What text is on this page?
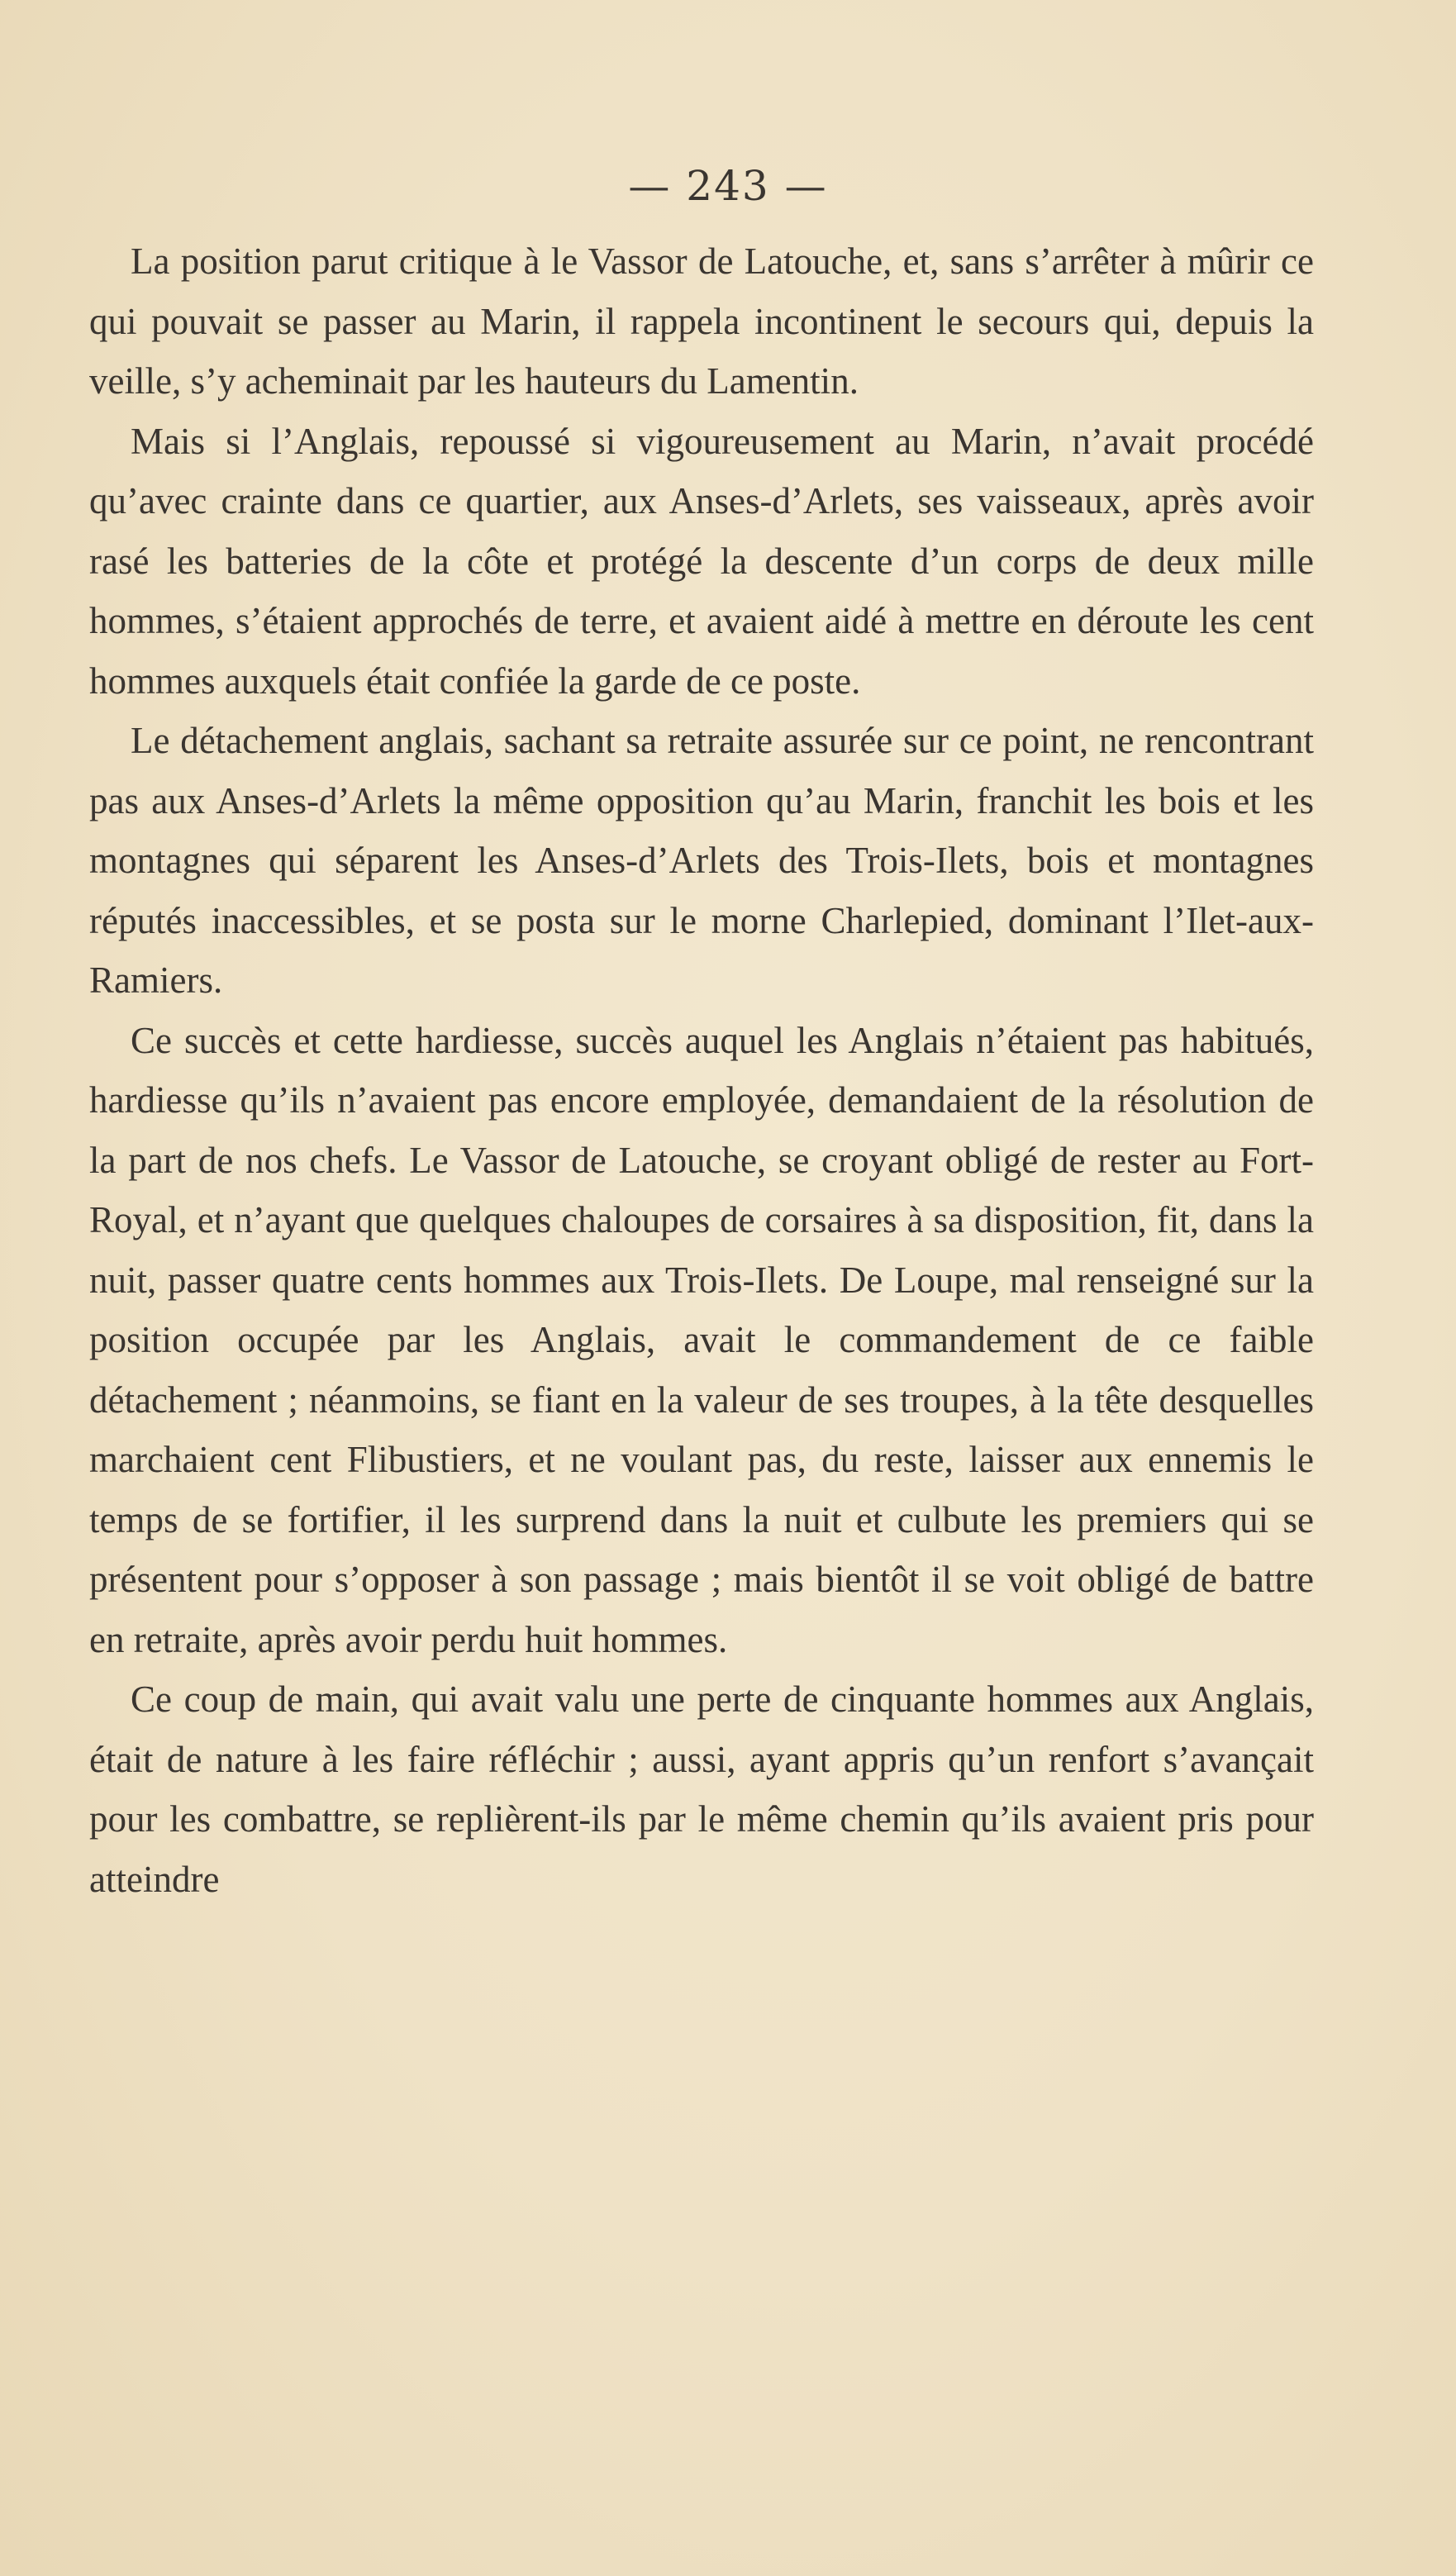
— 243 —

La position parut critique à le Vassor de Latouche, et, sans s’arrêter à mûrir ce qui pouvait se passer au Marin, il rappela incontinent le secours qui, depuis la veille, s’y acheminait par les hauteurs du Lamentin.

Mais si l’Anglais, repoussé si vigoureusement au Marin, n’avait procédé qu’avec crainte dans ce quartier, aux Anses-d’Arlets, ses vaisseaux, après avoir rasé les batteries de la côte et protégé la descente d’un corps de deux mille hommes, s’étaient approchés de terre, et avaient aidé à mettre en déroute les cent hommes auxquels était confiée la garde de ce poste.

Le détachement anglais, sachant sa retraite assurée sur ce point, ne rencontrant pas aux Anses-d’Arlets la même opposition qu’au Marin, franchit les bois et les montagnes qui séparent les Anses-d’Arlets des Trois-Ilets, bois et montagnes réputés inaccessibles, et se posta sur le morne Charlepied, dominant l’Ilet-aux-Ramiers.

Ce succès et cette hardiesse, succès auquel les Anglais n’étaient pas habitués, hardiesse qu’ils n’avaient pas encore employée, demandaient de la résolution de la part de nos chefs. Le Vassor de Latouche, se croyant obligé de rester au Fort-Royal, et n’ayant que quelques chaloupes de corsaires à sa disposition, fit, dans la nuit, passer quatre cents hommes aux Trois-Ilets. De Loupe, mal renseigné sur la position occupée par les Anglais, avait le commandement de ce faible détachement ; néanmoins, se fiant en la valeur de ses troupes, à la tête desquelles marchaient cent Flibustiers, et ne voulant pas, du reste, laisser aux ennemis le temps de se fortifier, il les surprend dans la nuit et culbute les premiers qui se présentent pour s’opposer à son passage ; mais bientôt il se voit obligé de battre en retraite, après avoir perdu huit hommes.

Ce coup de main, qui avait valu une perte de cinquante hommes aux Anglais, était de nature à les faire réfléchir ; aussi, ayant appris qu’un renfort s’avançait pour les combattre, se replièrent-ils par le même chemin qu’ils avaient pris pour atteindre
